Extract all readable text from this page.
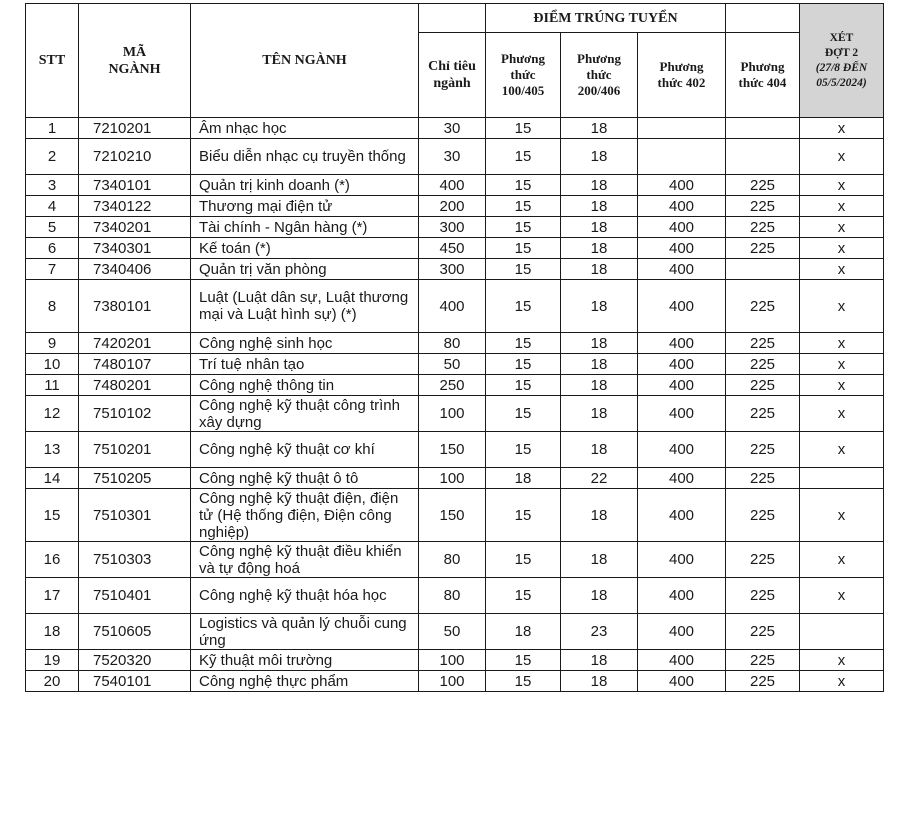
STT	MÃ NGÀNH	TÊN NGÀNH		ĐIỂM TRÚNG TUYỂN				XÉT ĐỢT 2
(27/8 ĐẾN 05/5/2024)

			Chỉ tiêu ngành	Phương thức 100/405	Phương thức 200/406	Phương thức 402	Phương thức 404	

1	7210201	Âm nhạc học	30	15	18			x
2	7210210	Biểu diễn nhạc cụ truyền thống	30	15	18			x
3	7340101	Quản trị kinh doanh (*)	400	15	18	400	225	x
4	7340122	Thương mại điện tử	200	15	18	400	225	x
5	7340201	Tài chính - Ngân hàng (*)	300	15	18	400	225	x
6	7340301	Kế toán (*)	450	15	18	400	225	x
7	7340406	Quản trị văn phòng	300	15	18	400		x
8	7380101	Luật (Luật dân sự, Luật thương mại và Luật hình sự) (*)	400	15	18	400	225	x
9	7420201	Công nghệ sinh học	80	15	18	400	225	x
10	7480107	Trí tuệ nhân tạo	50	15	18	400	225	x
11	7480201	Công nghệ thông tin	250	15	18	400	225	x
12	7510102	Công nghệ kỹ thuật công trình xây dựng	100	15	18	400	225	x
13	7510201	Công nghệ kỹ thuật cơ khí	150	15	18	400	225	x
14	7510205	Công nghệ kỹ thuật ô tô	100	18	22	400	225	
15	7510301	Công nghệ kỹ thuật điện, điện tử (Hệ thống điện, Điện công nghiệp)	150	15	18	400	225	x
16	7510303	Công nghệ kỹ thuật điều khiển và tự động hoá	80	15	18	400	225	x
17	7510401	Công nghệ kỹ thuật hóa học	80	15	18	400	225	x
18	7510605	Logistics và quản lý chuỗi cung ứng	50	18	23	400	225	
19	7520320	Kỹ thuật môi trường	100	15	18	400	225	x
20	7540101	Công nghệ thực phẩm	100	15	18	400	225	x
